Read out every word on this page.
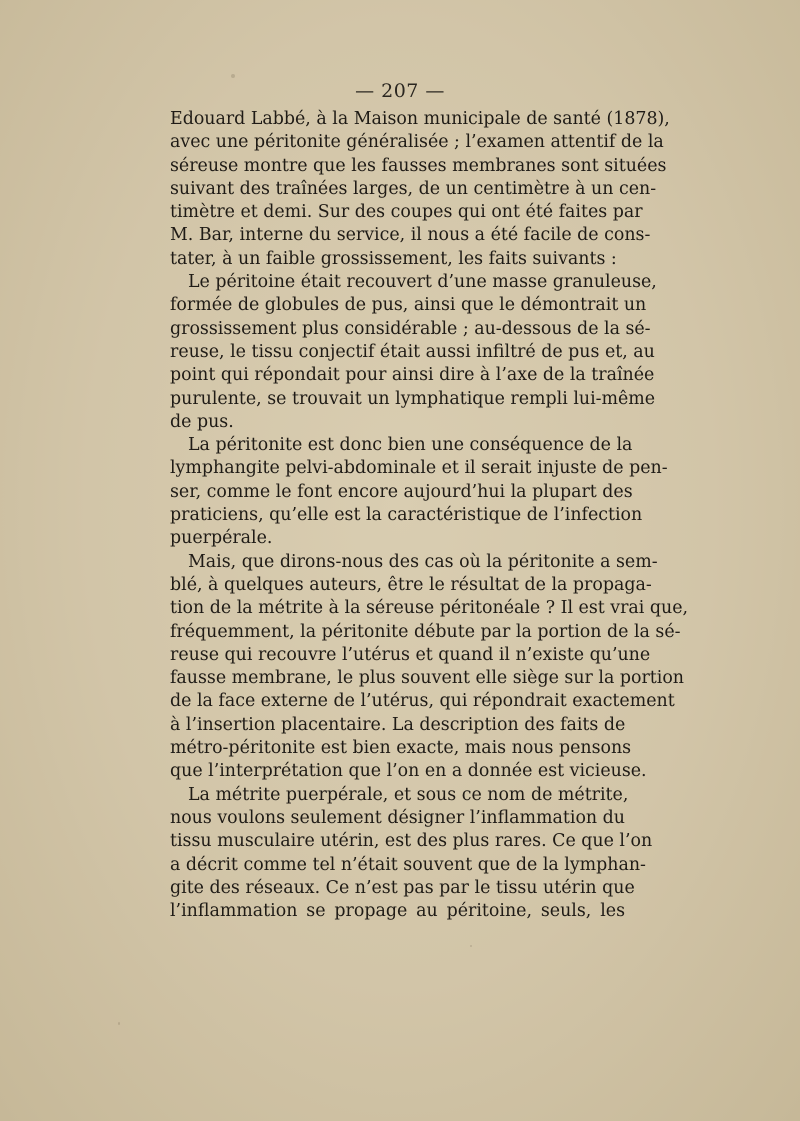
— 207 —
Edouard Labbé, à la Maison municipale de santé (1878),
avec une péritonite généralisée ; l’examen attentif de la
séreuse montre que les fausses membranes sont situées
suivant des traînées larges, de un centimètre à un cen-
timètre et demi. Sur des coupes qui ont été faites par
M. Bar, interne du service, il nous a été facile de cons-
tater, à un faible grossissement, les faits suivants :
Le péritoine était recouvert d’une masse granuleuse,
formée de globules de pus, ainsi que le démontrait un
grossissement plus considérable ; au-dessous de la sé-
reuse, le tissu conjectif était aussi infiltré de pus et, au
point qui répondait pour ainsi dire à l’axe de la traînée
purulente, se trouvait un lymphatique rempli lui-même
de pus.
La péritonite est donc bien une conséquence de la
lymphangite pelvi-abdominale et il serait injuste de pen-
ser, comme le font encore aujourd’hui la plupart des
praticiens, qu’elle est la caractéristique de l’infection
puerpérale.
Mais, que dirons-nous des cas où la péritonite a sem-
blé, à quelques auteurs, être le résultat de la propaga-
tion de la métrite à la séreuse péritonéale ? Il est vrai que,
fréquemment, la péritonite débute par la portion de la sé-
reuse qui recouvre l’utérus et quand il n’existe qu’une
fausse membrane, le plus souvent elle siège sur la portion
de la face externe de l’utérus, qui répondrait exactement
à l’insertion placentaire. La description des faits de
métro-péritonite est bien exacte, mais nous pensons
que l’interprétation que l’on en a donnée est vicieuse.
La métrite puerpérale, et sous ce nom de métrite,
nous voulons seulement désigner l’inflammation du
tissu musculaire utérin, est des plus rares. Ce que l’on
a décrit comme tel n’était souvent que de la lymphan-
gite des réseaux. Ce n’est pas par le tissu utérin que
l’inflammation se propage au péritoine, seuls, les
